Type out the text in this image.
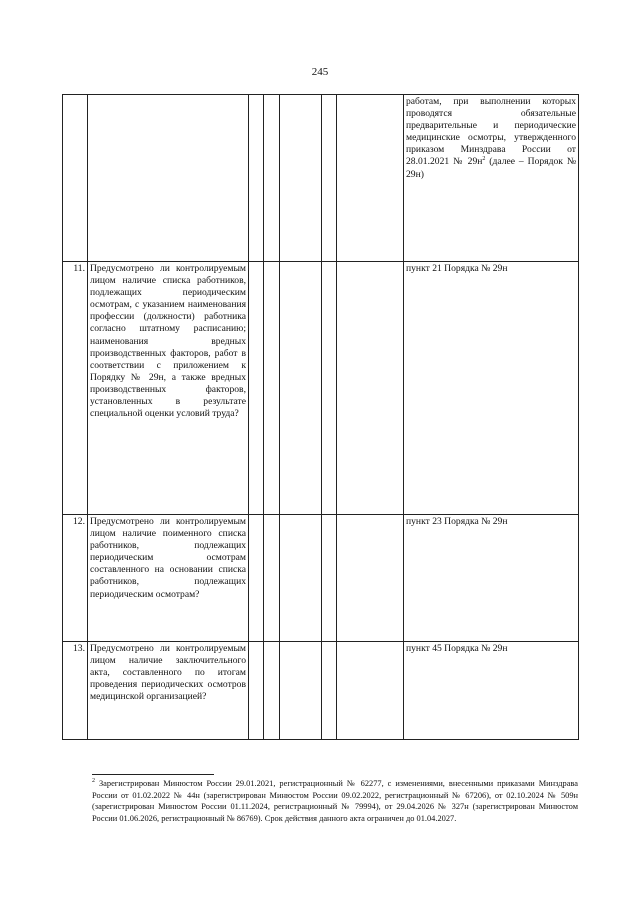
245
							работам, при выполнении которых проводятся обязательные предварительные и периодические медицинские осмотры, утвержденного приказом Минздрава России от 28.01.2021 № $29н^2$ (далее – Порядок № 29н)
11.	Предусмотрено ли контролируемым лицом наличие списка работников, подлежащих периодическим осмотрам, с указанием наименования профессии (должности) работника согласно штатному расписанию; наименования вредных производственных факторов, работ в соответствии с приложением к Порядку № 29н, а также вредных производственных факторов, установленных в результате специальной оценки условий труда?						пункт 21 Порядка № 29н
12.	Предусмотрено ли контролируемым лицом наличие поименного списка работников, подлежащих периодическим осмотрам составленного на основании списка работников, подлежащих периодическим осмотрам?						пункт 23 Порядка № 29н
13.	Предусмотрено ли контролируемым лицом наличие заключительного акта, составленного по итогам проведения периодических осмотров медицинской организацией?						пункт 45 Порядка № 29н
$^2$ Зарегистрирован Минюстом России 29.01.2021, регистрационный № 62277, с изменениями, внесенными приказами Минздрава России от 01.02.2022 № 44н (зарегистрирован Минюстом России 09.02.2022, регистрационный № 67206), от 02.10.2024 № 509н (зарегистрирован Минюстом России 01.11.2024, регистрационный № 79994), от 29.04.2026 № 327н (зарегистрирован Минюстом России 01.06.2026, регистрационный № 86769). Срок действия данного акта ограничен до 01.04.2027.
